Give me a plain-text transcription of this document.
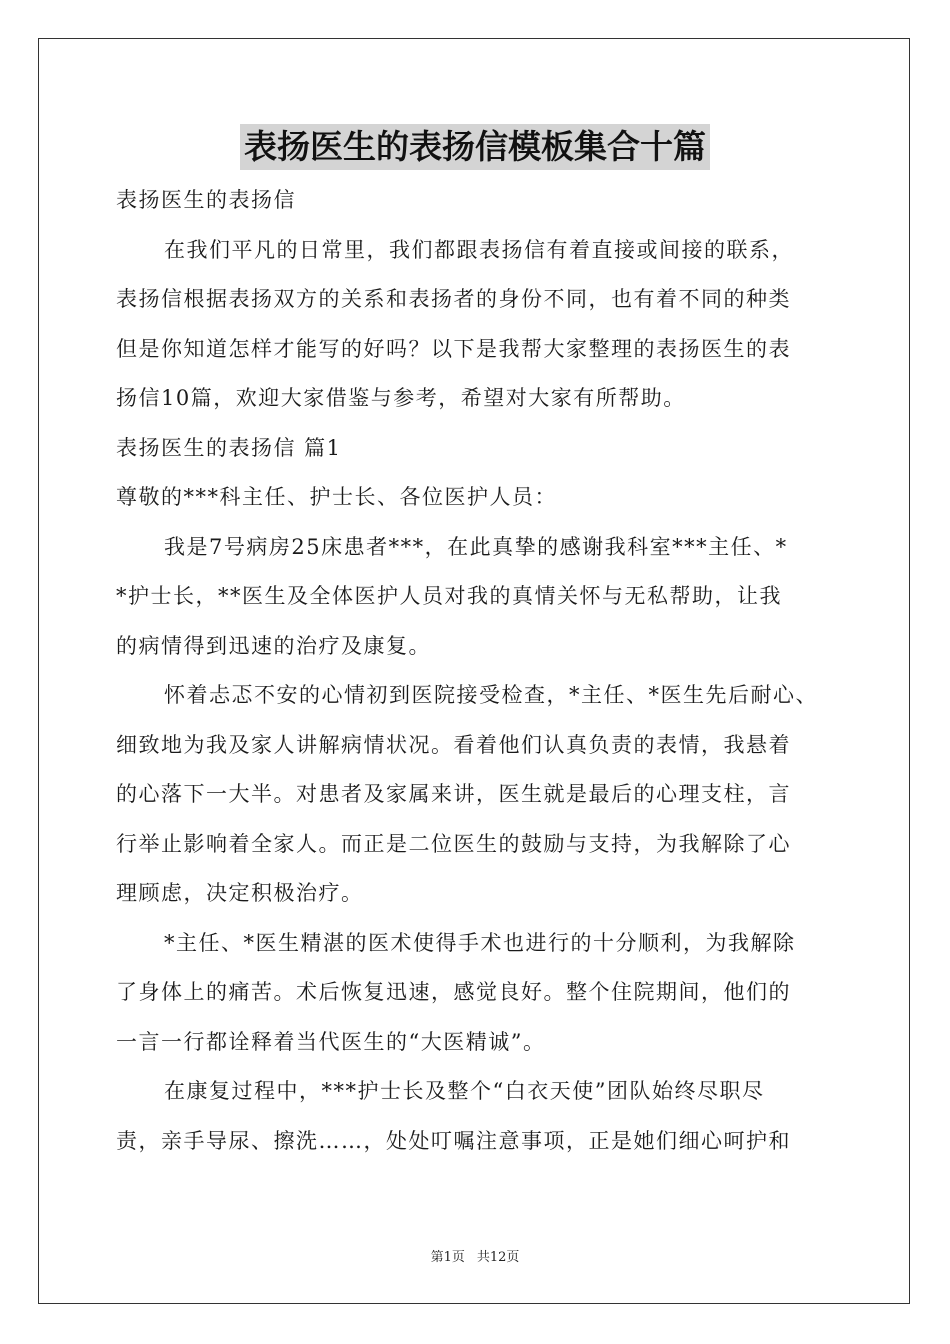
表扬医生的表扬信模板集合十篇
表扬医生的表扬信
在我们平凡的日常里，我们都跟表扬信有着直接或间接的联系，
表扬信根据表扬双方的关系和表扬者的身份不同，也有着不同的种类
但是你知道怎样才能写的好吗？以下是我帮大家整理的表扬医生的表
扬信10篇，欢迎大家借鉴与参考，希望对大家有所帮助。
表扬医生的表扬信 篇1
尊敬的***科主任、护士长、各位医护人员：
我是7号病房25床患者***，在此真挚的感谢我科室***主任、*
*护士长，**医生及全体医护人员对我的真情关怀与无私帮助，让我
的病情得到迅速的治疗及康复。
怀着忐忑不安的心情初到医院接受检查，*主任、*医生先后耐心、
细致地为我及家人讲解病情状况。看着他们认真负责的表情，我悬着
的心落下一大半。对患者及家属来讲，医生就是最后的心理支柱，言
行举止影响着全家人。而正是二位医生的鼓励与支持，为我解除了心
理顾虑，决定积极治疗。
*主任、*医生精湛的医术使得手术也进行的十分顺利，为我解除
了身体上的痛苦。术后恢复迅速，感觉良好。整个住院期间，他们的
一言一行都诠释着当代医生的“大医精诚”。
在康复过程中，***护士长及整个“白衣天使”团队始终尽职尽
责，亲手导尿、擦洗……，处处叮嘱注意事项，正是她们细心呵护和
第1页 共12页
